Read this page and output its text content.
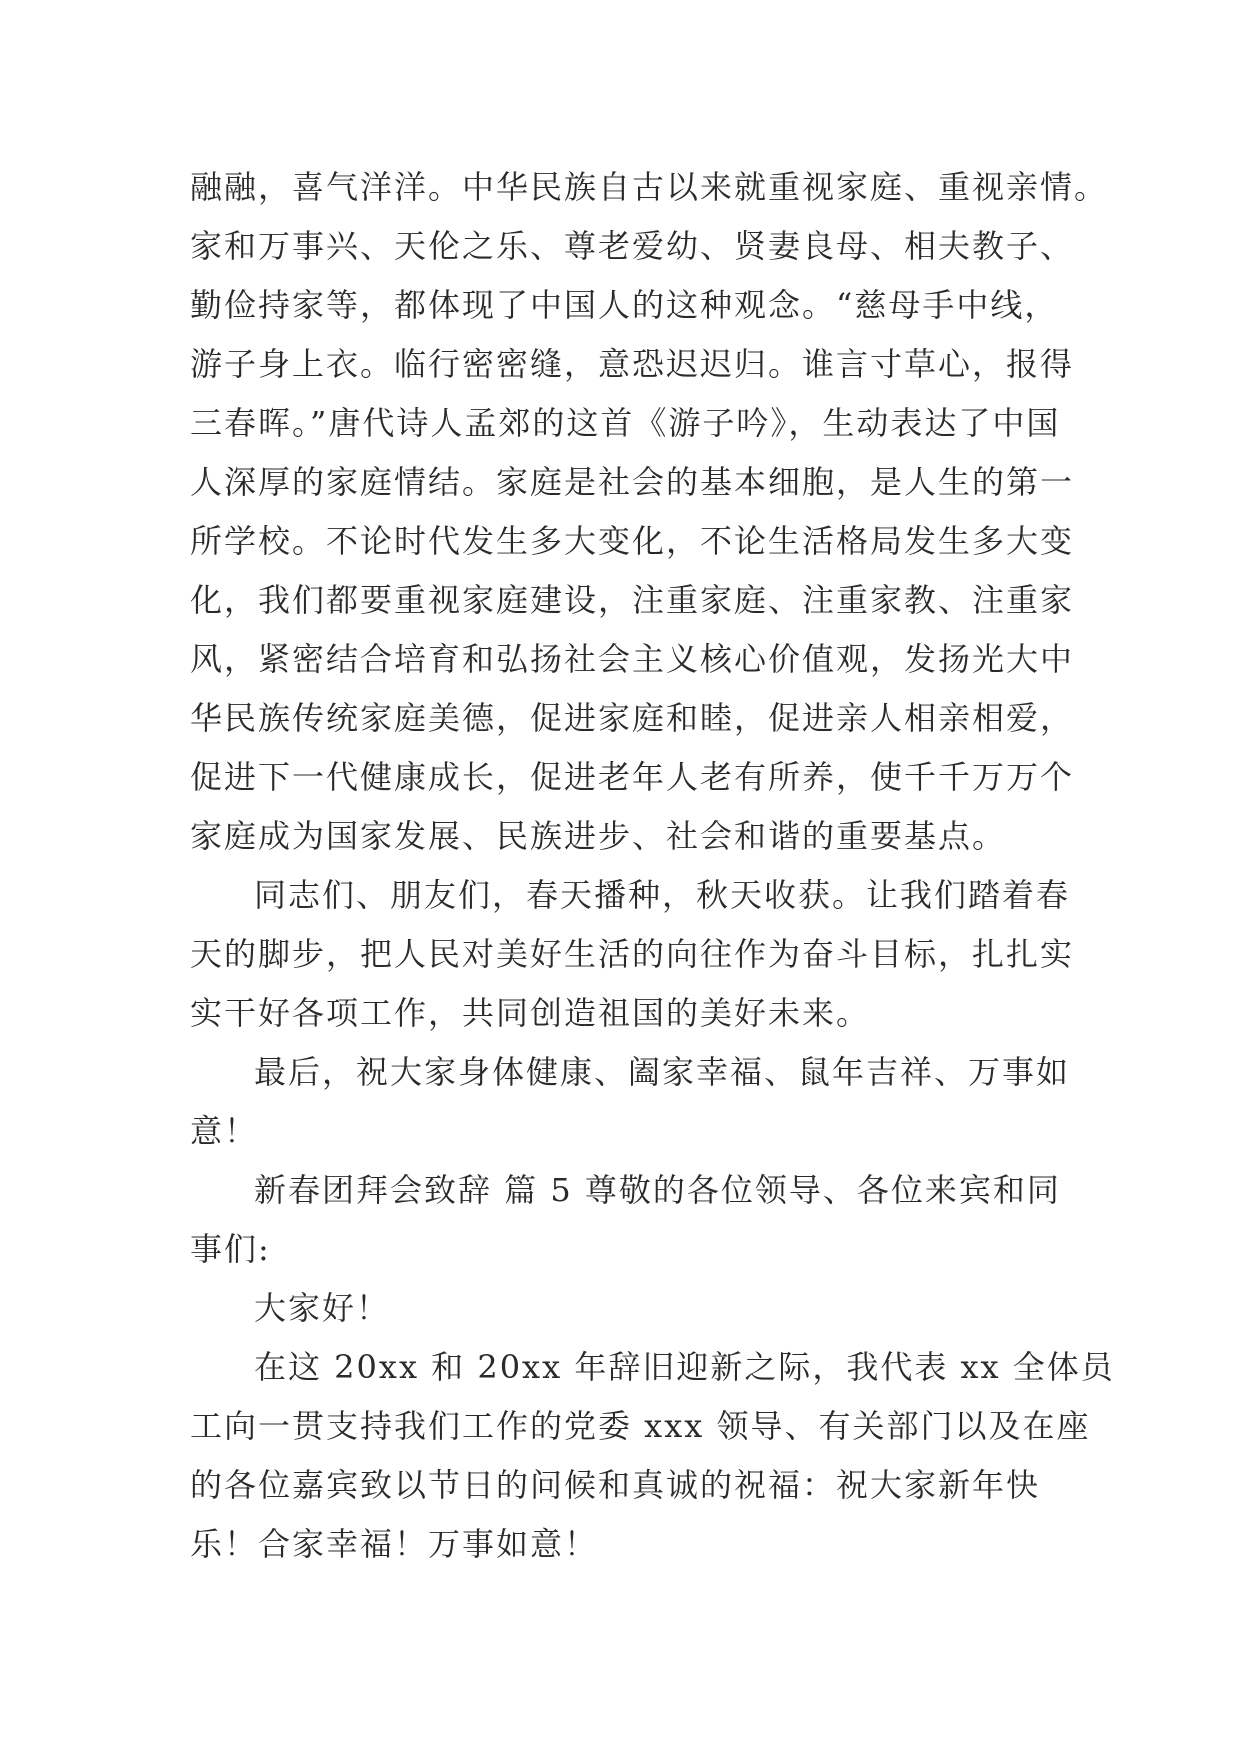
融融，喜气洋洋。中华民族自古以来就重视家庭、重视亲情。
家和万事兴、天伦之乐、尊老爱幼、贤妻良母、相夫教子、
勤俭持家等，都体现了中国人的这种观念。“慈母手中线，
游子身上衣。临行密密缝，意恐迟迟归。谁言寸草心，报得
三春晖。”唐代诗人孟郊的这首《游子吟》，生动表达了中国
人深厚的家庭情结。家庭是社会的基本细胞，是人生的第一
所学校。不论时代发生多大变化，不论生活格局发生多大变
化，我们都要重视家庭建设，注重家庭、注重家教、注重家
风，紧密结合培育和弘扬社会主义核心价值观，发扬光大中
华民族传统家庭美德，促进家庭和睦，促进亲人相亲相爱，
促进下一代健康成长，促进老年人老有所养，使千千万万个
家庭成为国家发展、民族进步、社会和谐的重要基点。
同志们、朋友们，春天播种，秋天收获。让我们踏着春
天的脚步，把人民对美好生活的向往作为奋斗目标，扎扎实
实干好各项工作，共同创造祖国的美好未来。
最后，祝大家身体健康、阖家幸福、鼠年吉祥、万事如
意！
新春团拜会致辞 篇 5 尊敬的各位领导、各位来宾和同
事们:
大家好！
在这 20xx 和 20xx 年辞旧迎新之际，我代表 xx 全体员
工向一贯支持我们工作的党委 xxx 领导、有关部门以及在座
的各位嘉宾致以节日的问候和真诚的祝福：祝大家新年快
乐！合家幸福！万事如意！
